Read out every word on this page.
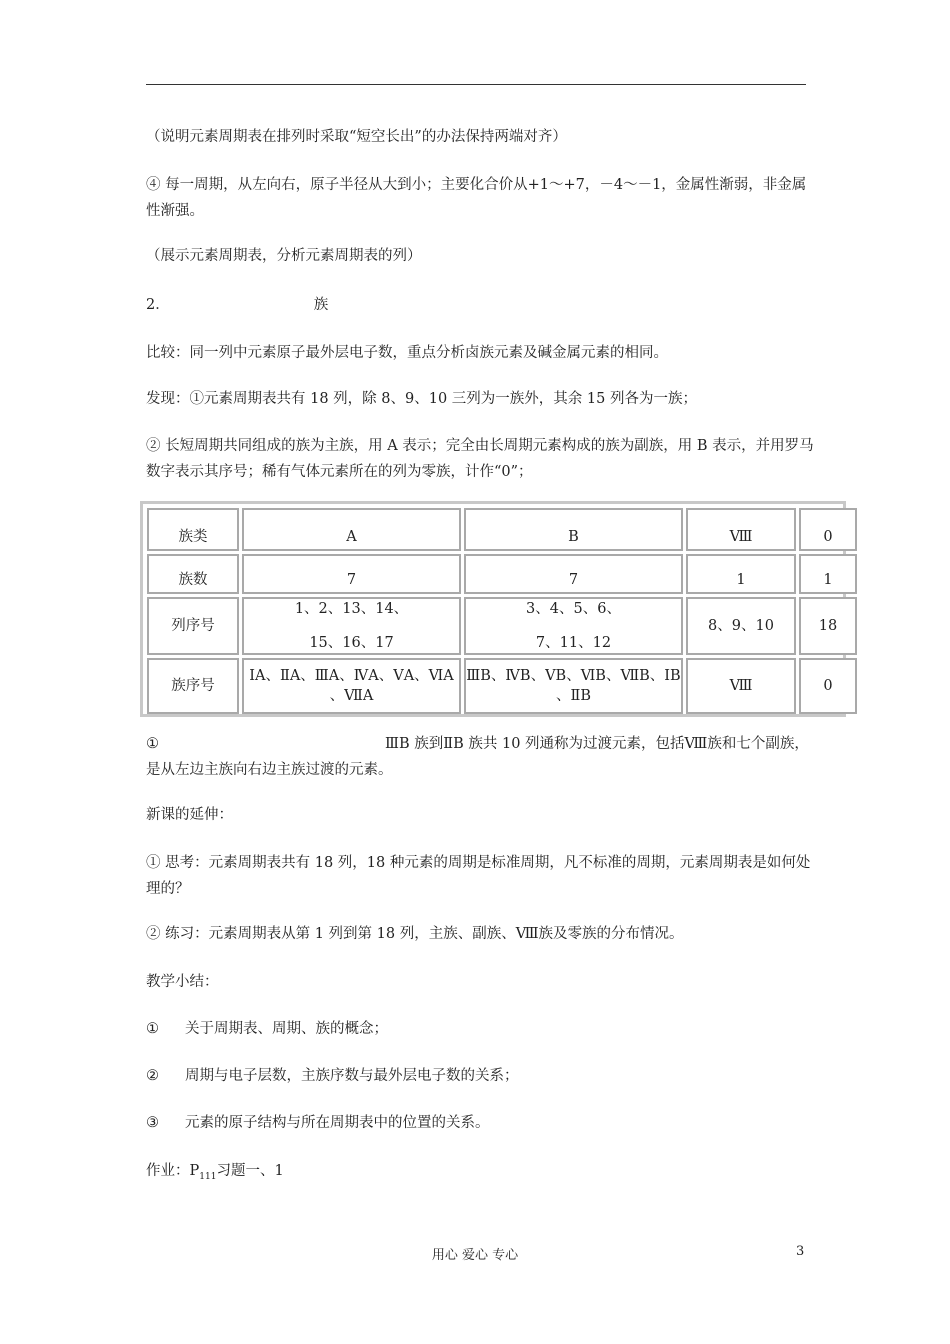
（说明元素周期表在排列时采取“短空长出”的办法保持两端对齐）
④ 每一周期，从左向右，原子半径从大到小；主要化合价从+1～+7，－4～－1，金属性渐弱，非金属性渐强。
（展示元素周期表，分析元素周期表的列）
2．	族
比较：同一列中元素原子最外层电子数，重点分析卤族元素及碱金属元素的相同。
发现：①元素周期表共有 18 列，除 8、9、10 三列为一族外，其余 15 列各为一族；
② 长短周期共同组成的族为主族，用 A 表示；完全由长周期元素构成的族为副族，用 B 表示，并用罗马数字表示其序号；稀有气体元素所在的列为零族，计作“0”；
族类	A	B	Ⅷ	0
族数	7	7	1	1
列序号	1、2、13、14、
15、16、17	3、4、5、6、
7、11、12	8、9、10	18
族序号	ⅠA、ⅡA、ⅢA、ⅣA、ⅤA、ⅥA
、ⅦA	ⅢB、ⅣB、ⅤB、ⅥB、ⅦB、ⅠB
、ⅡB	Ⅷ	0
①	ⅢB 族到ⅡB 族共 10 列通称为过渡元素，包括Ⅷ族和七个副族，是从左边主族向右边主族过渡的元素。
新课的延伸：
① 思考：元素周期表共有 18 列，18 种元素的周期是标准周期，凡不标准的周期，元素周期表是如何处理的？
② 练习：元素周期表从第 1 列到第 18 列，主族、副族、Ⅷ族及零族的分布情况。
教学小结：
① 关于周期表、周期、族的概念；
② 周期与电子层数，主族序数与最外层电子数的关系；
③ 元素的原子结构与所在周期表中的位置的关系。
作业：$P_{111}$习题一、1
用心 爱心 专心	3
